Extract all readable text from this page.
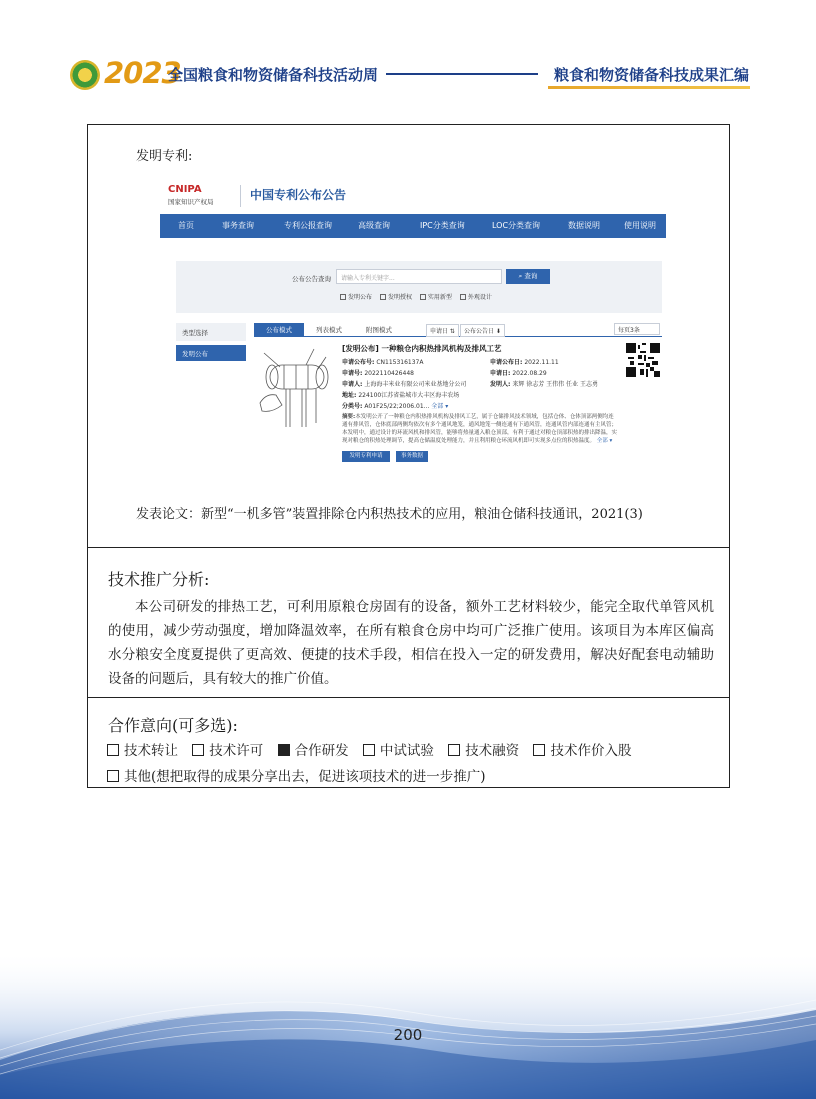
2023
全国粮食和物资储备科技活动周	粮食和物资储备科技成果汇编
发明专利:
CNIPA
国家知识产权局	中国专利公布公告
首页	事务查询	专利公报查询	高级查询	IPC分类查询	LOC分类查询	数据说明	使用说明
公布公告查询	请输入专利关键字...	⌕ 查询
发明公布	发明授权	实用新型	外观设计
类型选择
发明公布
公布模式	列表模式	附图模式	申请日 ⇅	公布公告日 ⬇	每页3条
[发明公布] 一种粮仓内积热排风机构及排风工艺
申请公布号: CN115316137A	申请公布日: 2022.11.11
申请号: 2022110426448	申请日: 2022.08.29
申请人: 上海海丰米业有限公司米业基地分公司	发明人: 来辉 徐志芳 王伟伟 任业 王志勇
地址: 224100江苏省盐城市大丰区海丰农场
分类号: A01F25/22;2006.01... 全部 ▾
摘要:本发明公开了一种粮仓内积热排风机构及排风工艺，属于仓储排风技术领域，包括仓体、仓体顶部两侧均连通有排风管，仓体底部两侧均依次有多个通风地笼，通风地笼一侧连通有下通风管，连通风管内部连通有主风管；本发明中，通过设计的环流风机和排风管，能够将热量通入粮仓顶部，有利于通过对粮仓顶部积热的排出降温，实现对粮仓的积热处理调节，提高仓储温度处理能力，并且利用粮仓环流风机即可实现多点位的积热温度。 全部 ▾
发明专利申请	事务数据
发表论文：新型“一机多管”装置排除仓内积热技术的应用，粮油仓储科技通讯，2021(3)
技术推广分析:
本公司研发的排热工艺，可利用原粮仓房固有的设备，额外工艺材料较少，能完全取代单管风机的使用，减少劳动强度，增加降温效率，在所有粮食仓房中均可广泛推广使用。该项目为本库区偏高水分粮安全度夏提供了更高效、便捷的技术手段，相信在投入一定的研发费用，解决好配套电动辅助设备的问题后，具有较大的推广价值。
合作意向(可多选):
技术转让 技术许可 合作研发 中试试验 技术融资 技术作价入股
其他(想把取得的成果分享出去，促进该项技术的进一步推广)
200
